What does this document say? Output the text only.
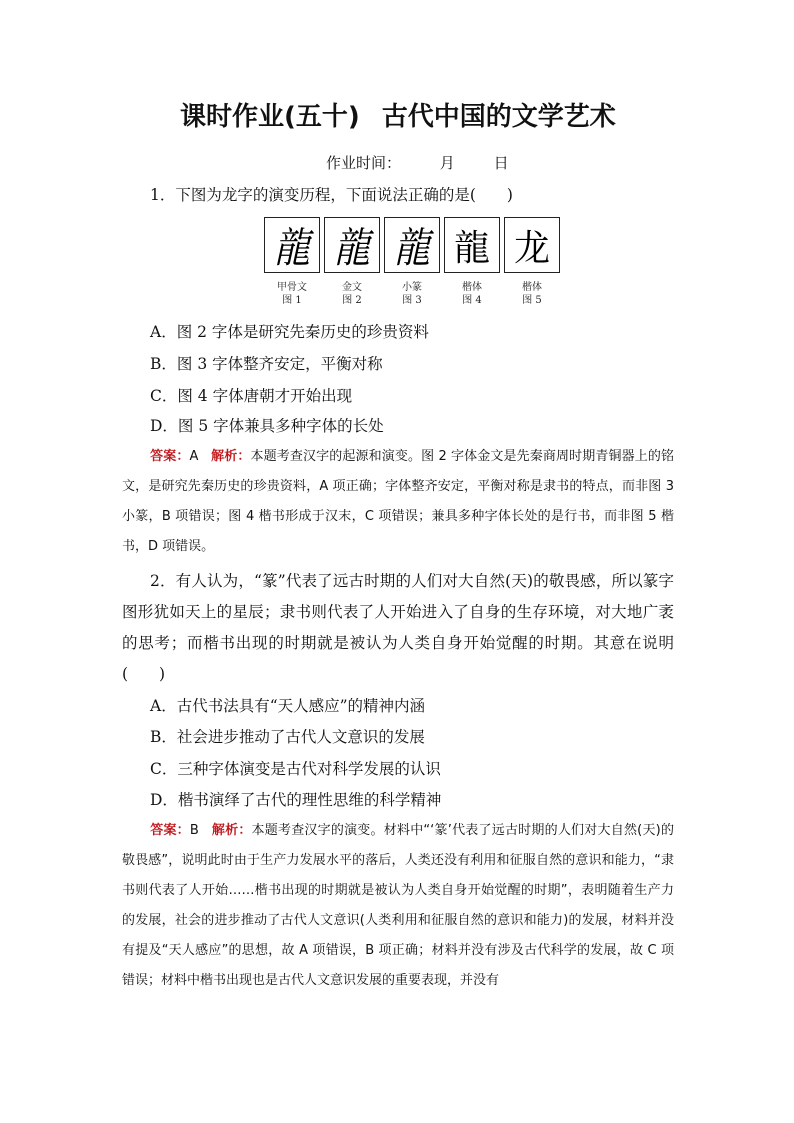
课时作业(五十) 古代中国的文学艺术
作业时间：	月	日
1．下图为龙字的演变历程，下面说法正确的是(　　)
龍 龍 龍 龍 龙
甲骨文
图 1
金文
图 2
小篆
图 3
楷体
图 4
楷体
图 5
A．图 2 字体是研究先秦历史的珍贵资料
B．图 3 字体整齐安定，平衡对称
C．图 4 字体唐朝才开始出现
D．图 5 字体兼具多种字体的长处
答案：A 解析：本题考查汉字的起源和演变。图 2 字体金文是先秦商周时期青铜器上的铭文，是研究先秦历史的珍贵资料，A 项正确；字体整齐安定，平衡对称是隶书的特点，而非图 3 小篆，B 项错误；图 4 楷书形成于汉末，C 项错误；兼具多种字体长处的是行书，而非图 5 楷书，D 项错误。
2．有人认为，“篆”代表了远古时期的人们对大自然(天)的敬畏感，所以篆字图形犹如天上的星辰；隶书则代表了人开始进入了自身的生存环境，对大地广袤的思考；而楷书出现的时期就是被认为人类自身开始觉醒的时期。其意在说明(　　)
A．古代书法具有“天人感应”的精神内涵
B．社会进步推动了古代人文意识的发展
C．三种字体演变是古代对科学发展的认识
D．楷书演绎了古代的理性思维的科学精神
答案：B 解析：本题考查汉字的演变。材料中“‘篆’代表了远古时期的人们对大自然(天)的敬畏感”，说明此时由于生产力发展水平的落后，人类还没有利用和征服自然的意识和能力，“隶书则代表了人开始……楷书出现的时期就是被认为人类自身开始觉醒的时期”，表明随着生产力的发展，社会的进步推动了古代人文意识(人类利用和征服自然的意识和能力)的发展，材料并没有提及“天人感应”的思想，故 A 项错误，B 项正确；材料并没有涉及古代科学的发展，故 C 项错误；材料中楷书出现也是古代人文意识发展的重要表现，并没有
